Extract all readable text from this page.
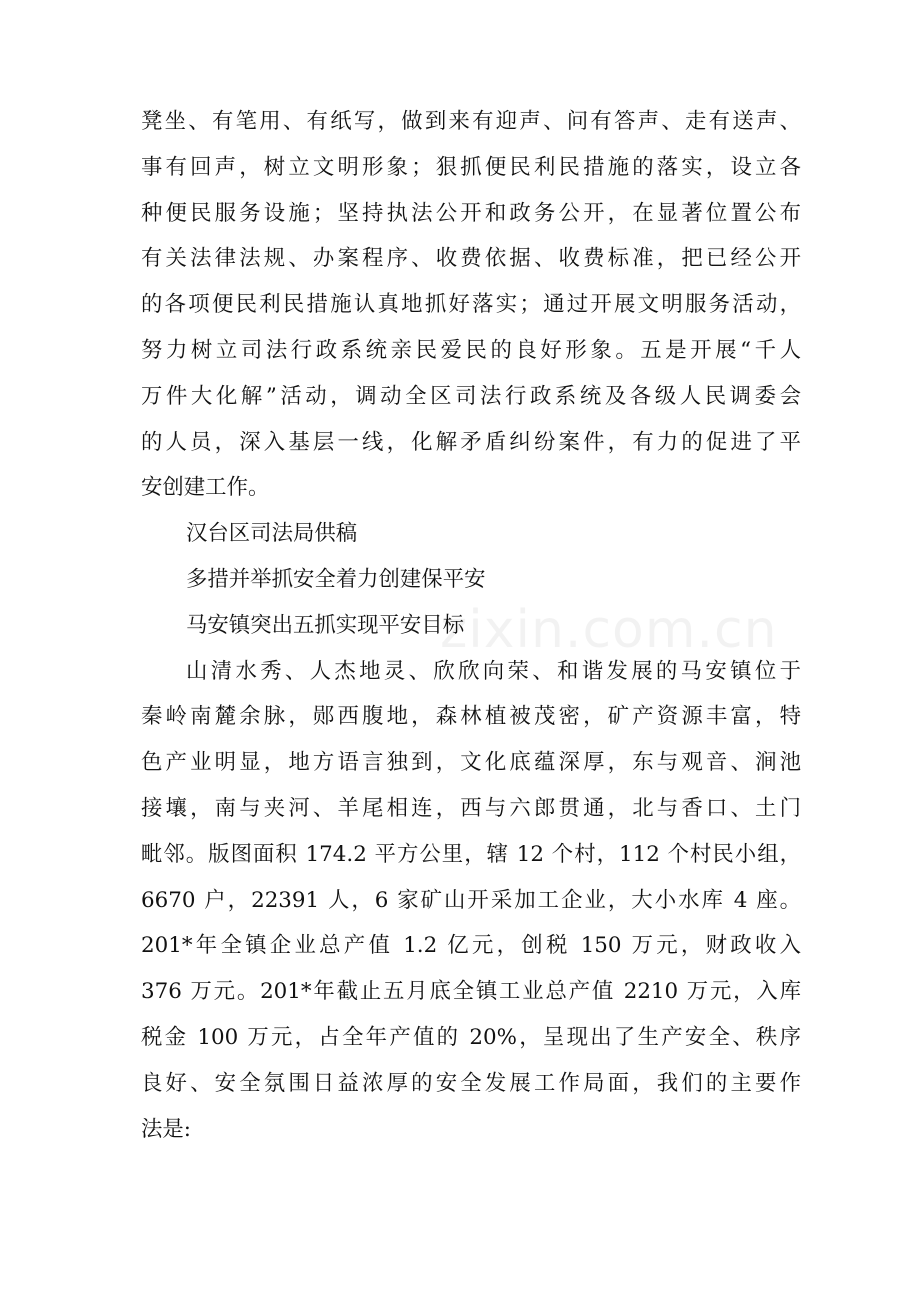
zixin.com.cn
凳坐、有笔用、有纸写，做到来有迎声、问有答声、走有送声、
事有回声，树立文明形象；狠抓便民利民措施的落实，设立各
种便民服务设施；坚持执法公开和政务公开，在显著位置公布
有关法律法规、办案程序、收费依据、收费标准，把已经公开
的各项便民利民措施认真地抓好落实；通过开展文明服务活动，
努力树立司法行政系统亲民爱民的良好形象。五是开展“千人
万件大化解”活动，调动全区司法行政系统及各级人民调委会
的人员，深入基层一线，化解矛盾纠纷案件，有力的促进了平
安创建工作。
汉台区司法局供稿
多措并举抓安全着力创建保平安
马安镇突出五抓实现平安目标
山清水秀、人杰地灵、欣欣向荣、和谐发展的马安镇位于
秦岭南麓余脉，郧西腹地，森林植被茂密，矿产资源丰富，特
色产业明显，地方语言独到，文化底蕴深厚，东与观音、涧池
接壤，南与夹河、羊尾相连，西与六郎贯通，北与香口、土门
毗邻。版图面积 174.2 平方公里，辖 12 个村，112 个村民小组，
6670 户，22391 人，6 家矿山开采加工企业，大小水库 4 座。
201*年全镇企业总产值 1.2 亿元，创税 150 万元，财政收入
376 万元。201*年截止五月底全镇工业总产值 2210 万元，入库
税金 100 万元，占全年产值的 20%，呈现出了生产安全、秩序
良好、安全氛围日益浓厚的安全发展工作局面，我们的主要作
法是:
